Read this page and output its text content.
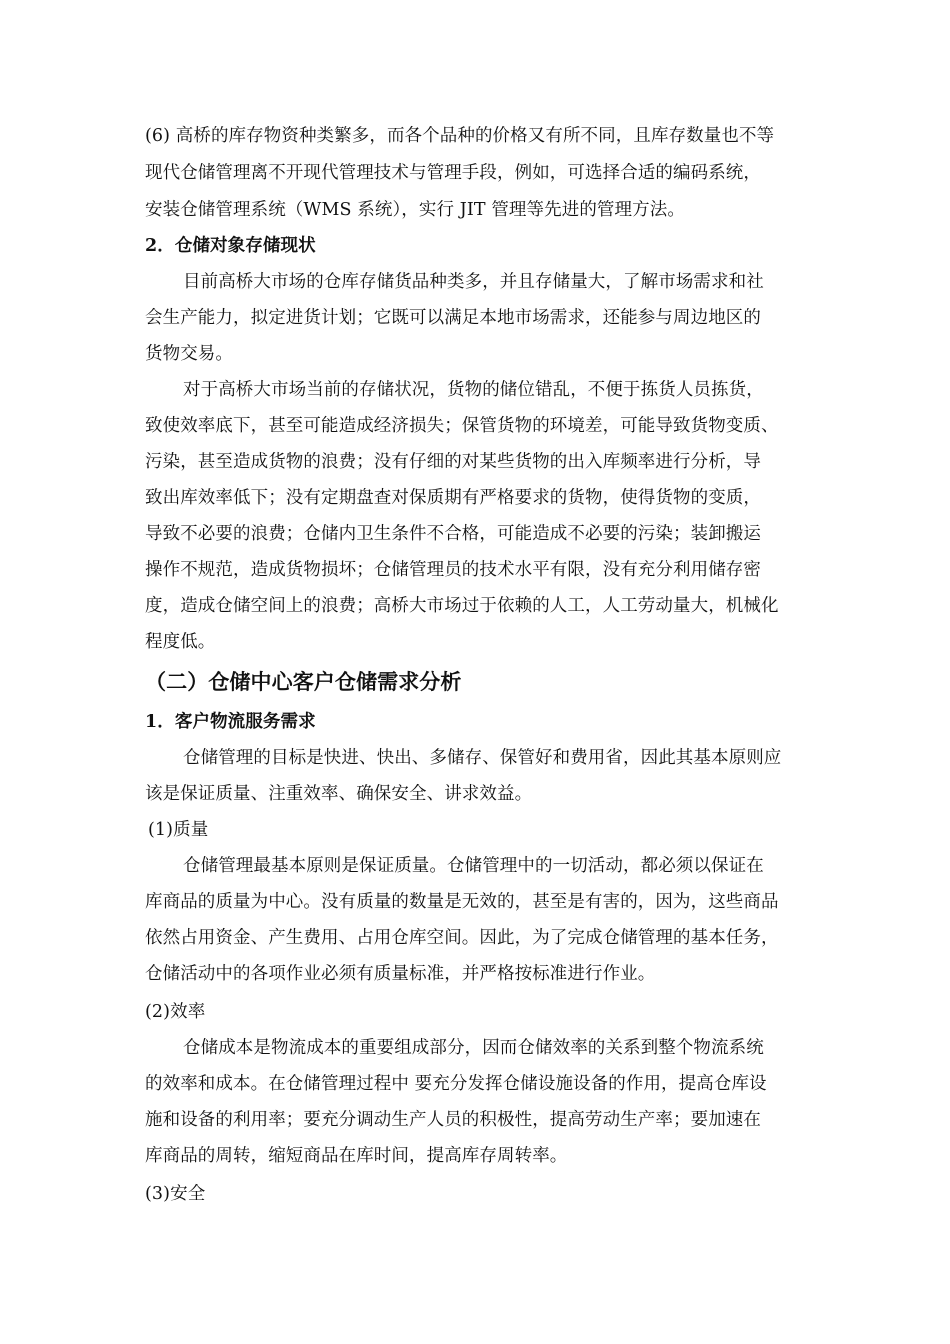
(6) 高桥的库存物资种类繁多，而各个品种的价格又有所不同，且库存数量也不等
现代仓储管理离不开现代管理技术与管理手段，例如，可选择合适的编码系统，
安装仓储管理系统（WMS 系统），实行 JIT 管理等先进的管理方法。
2．仓储对象存储现状
目前高桥大市场的仓库存储货品种类多，并且存储量大，了解市场需求和社
会生产能力，拟定进货计划；它既可以满足本地市场需求，还能参与周边地区的
货物交易。
对于高桥大市场当前的存储状况，货物的储位错乱，不便于拣货人员拣货，
致使效率底下，甚至可能造成经济损失；保管货物的环境差，可能导致货物变质、
污染，甚至造成货物的浪费；没有仔细的对某些货物的出入库频率进行分析，导
致出库效率低下；没有定期盘查对保质期有严格要求的货物，使得货物的变质，
导致不必要的浪费；仓储内卫生条件不合格，可能造成不必要的污染；装卸搬运
操作不规范，造成货物损坏；仓储管理员的技术水平有限，没有充分利用储存密
度，造成仓储空间上的浪费；高桥大市场过于依赖的人工，人工劳动量大，机械化
程度低。
（二）仓储中心客户仓储需求分析
1．客户物流服务需求
仓储管理的目标是快进、快出、多储存、保管好和费用省，因此其基本原则应
该是保证质量、注重效率、确保安全、讲求效益。
(1)质量
仓储管理最基本原则是保证质量。仓储管理中的一切活动，都必须以保证在
库商品的质量为中心。没有质量的数量是无效的，甚至是有害的，因为，这些商品
依然占用资金、产生费用、占用仓库空间。因此，为了完成仓储管理的基本任务，
仓储活动中的各项作业必须有质量标准，并严格按标准进行作业。
(2)效率
仓储成本是物流成本的重要组成部分，因而仓储效率的关系到整个物流系统
的效率和成本。在仓储管理过程中 要充分发挥仓储设施设备的作用，提高仓库设
施和设备的利用率；要充分调动生产人员的积极性，提高劳动生产率；要加速在
库商品的周转，缩短商品在库时间，提高库存周转率。
(3)安全
